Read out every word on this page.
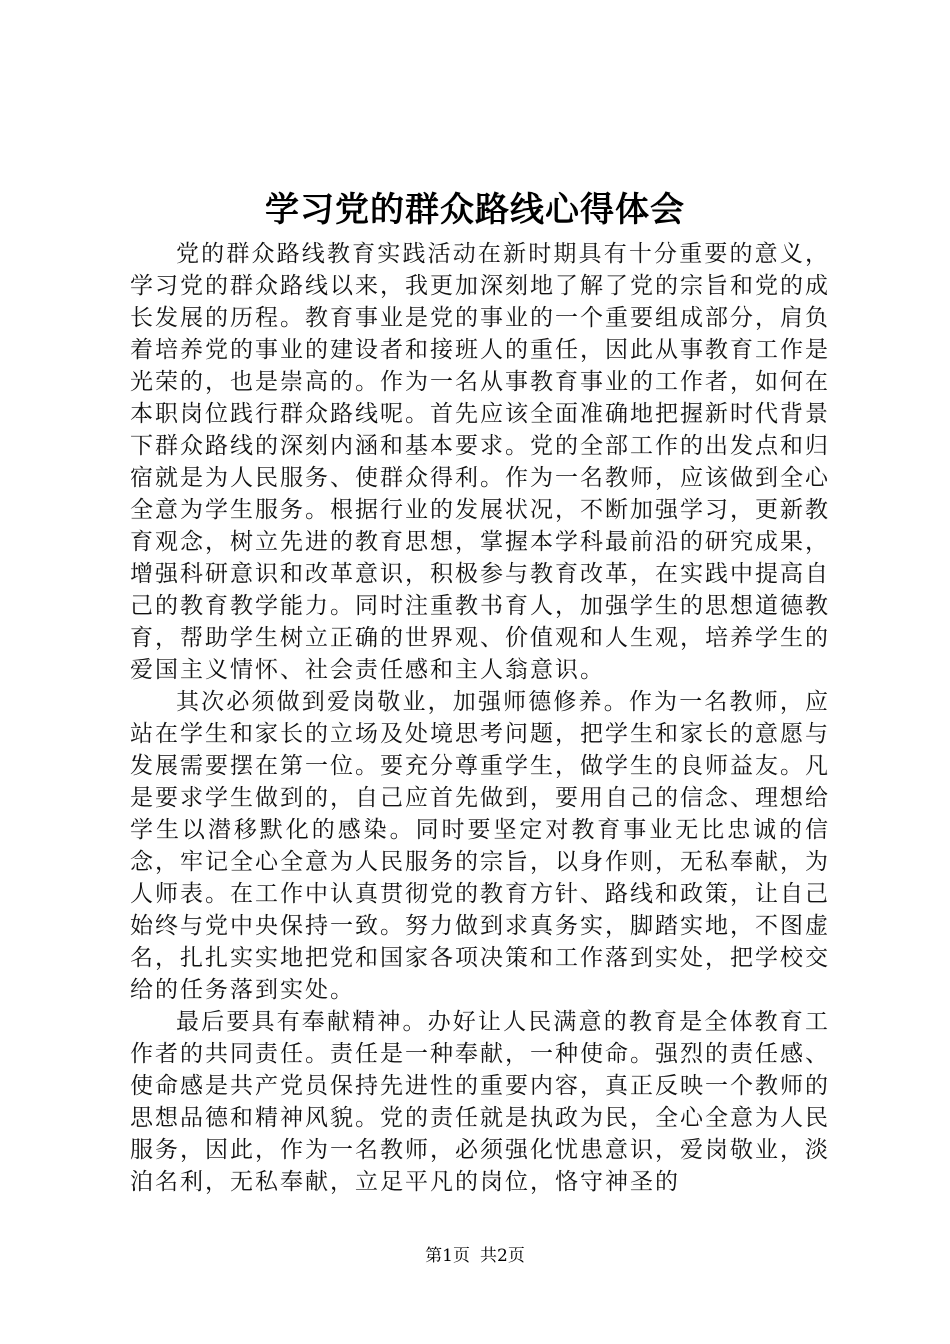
学习党的群众路线心得体会

党的群众路线教育实践活动在新时期具有十分重要的意义，学习党的群众路线以来，我更加深刻地了解了党的宗旨和党的成长发展的历程。教育事业是党的事业的一个重要组成部分，肩负着培养党的事业的建设者和接班人的重任，因此从事教育工作是光荣的，也是崇高的。作为一名从事教育事业的工作者，如何在本职岗位践行群众路线呢。首先应该全面准确地把握新时代背景下群众路线的深刻内涵和基本要求。党的全部工作的出发点和归宿就是为人民服务、使群众得利。作为一名教师，应该做到全心全意为学生服务。根据行业的发展状况，不断加强学习，更新教育观念，树立先进的教育思想，掌握本学科最前沿的研究成果，增强科研意识和改革意识，积极参与教育改革，在实践中提高自己的教育教学能力。同时注重教书育人，加强学生的思想道德教育，帮助学生树立正确的世界观、价值观和人生观，培养学生的爱国主义情怀、社会责任感和主人翁意识。

其次必须做到爱岗敬业，加强师德修养。作为一名教师，应站在学生和家长的立场及处境思考问题，把学生和家长的意愿与发展需要摆在第一位。要充分尊重学生，做学生的良师益友。凡是要求学生做到的，自己应首先做到，要用自己的信念、理想给学生以潜移默化的感染。同时要坚定对教育事业无比忠诚的信念，牢记全心全意为人民服务的宗旨，以身作则，无私奉献，为人师表。在工作中认真贯彻党的教育方针、路线和政策，让自己始终与党中央保持一致。努力做到求真务实，脚踏实地，不图虚名，扎扎实实地把党和国家各项决策和工作落到实处，把学校交给的任务落到实处。

最后要具有奉献精神。办好让人民满意的教育是全体教育工作者的共同责任。责任是一种奉献，一种使命。强烈的责任感、使命感是共产党员保持先进性的重要内容，真正反映一个教师的思想品德和精神风貌。党的责任就是执政为民，全心全意为人民服务，因此，作为一名教师，必须强化忧患意识，爱岗敬业，淡泊名利，无私奉献，立足平凡的岗位，恪守神圣的

第1页 共2页
